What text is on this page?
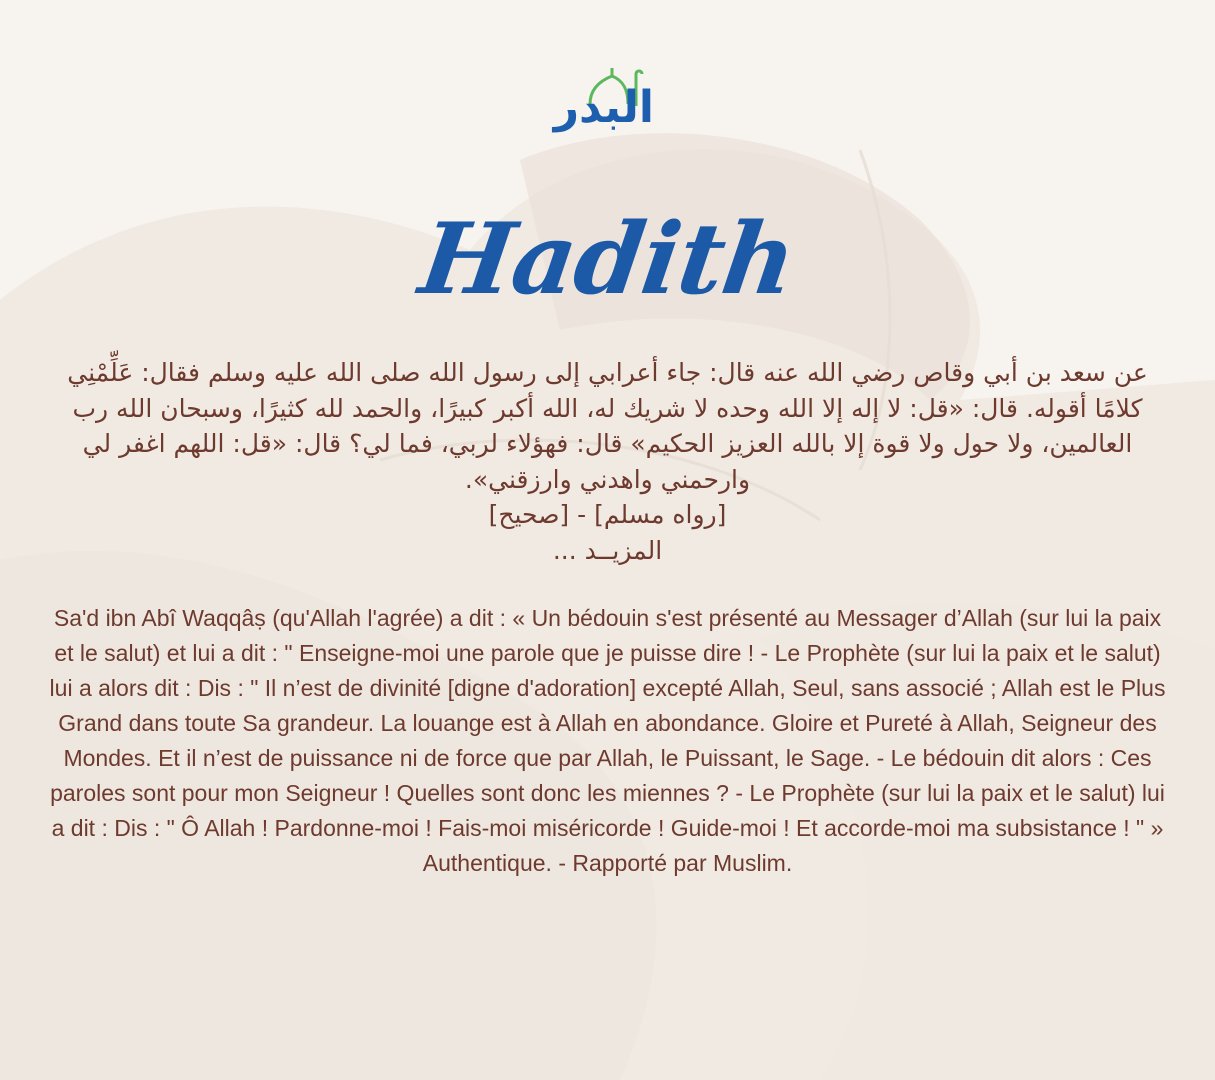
البدر
Hadith

عن سعد بن أبي وقاص رضي الله عنه قال: جاء أعرابي إلى رسول الله صلى الله عليه وسلم فقال: عَلِّمْنِي كلامًا أقوله. قال: «قل: لا إله إلا الله وحده لا شريك له، الله أكبر كبيرًا، والحمد لله كثيرًا، وسبحان الله رب العالمين، ولا حول ولا قوة إلا بالله العزيز الحكيم» قال: فهؤلاء لربي، فما لي؟ قال: «قل: اللهم اغفر لي وارحمني واهدني وارزقني».

[رواه مسلم] - [صحيح]

المزيــد ...

Sa'd ibn Abî Waqqâṣ (qu'Allah l'agrée) a dit : « Un bédouin s'est présenté au Messager d’Allah (sur lui la paix et le salut) et lui a dit : " Enseigne-moi une parole que je puisse dire ! - Le Prophète (sur lui la paix et le salut) lui a alors dit : Dis : " Il n’est de divinité [digne d'adoration] excepté Allah, Seul, sans associé ; Allah est le Plus Grand dans toute Sa grandeur. La louange est à Allah en abondance. Gloire et Pureté à Allah, Seigneur des Mondes. Et il n’est de puissance ni de force que par Allah, le Puissant, le Sage. - Le bédouin dit alors : Ces paroles sont pour mon Seigneur ! Quelles sont donc les miennes ? - Le Prophète (sur lui la paix et le salut) lui a dit : Dis : " Ô Allah ! Pardonne-moi ! Fais-moi miséricorde ! Guide-moi ! Et accorde-moi ma subsistance ! " » Authentique. - Rapporté par Muslim.
